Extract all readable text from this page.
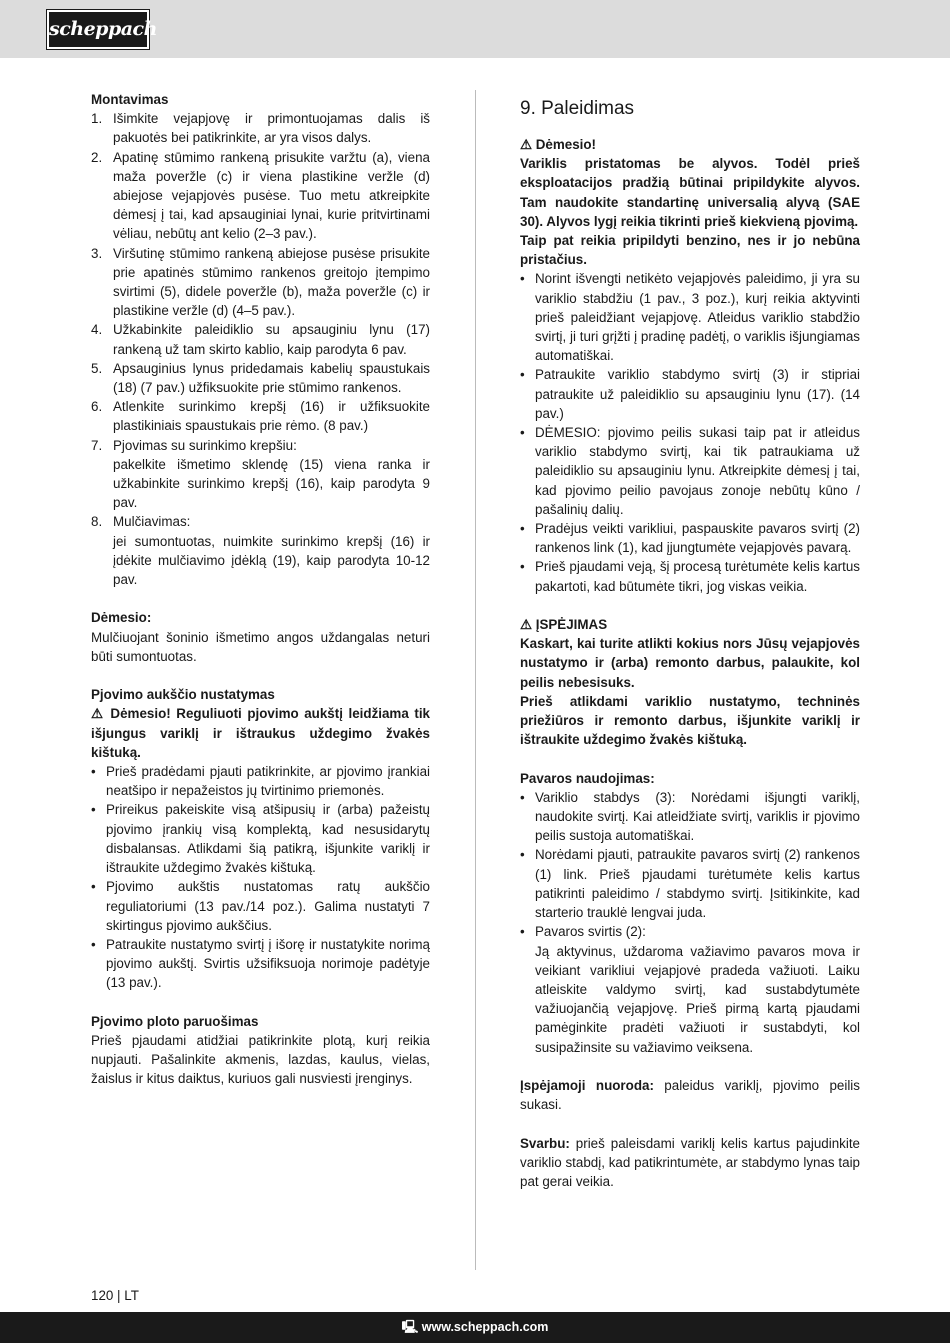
scheppach

Montavimas

1. Išimkite vejapjovę ir primontuojamas dalis iš pakuotės bei patikrinkite, ar yra visos dalys.
2. Apatinę stūmimo rankeną prisukite varžtu (a), viena maža poveržle (c) ir viena plastikine veržle (d) abiejose vejapjovės pusėse. Tuo metu atkreipkite dėmesį į tai, kad apsauginiai lynai, kurie pritvirtinami vėliau, nebūtų ant kelio (2–3 pav.).
3. Viršutinę stūmimo rankeną abiejose pusėse prisukite prie apatinės stūmimo rankenos greitojo įtempimo svirtimi (5), didele poveržle (b), maža poveržle (c) ir plastikine veržle (d) (4–5 pav.).
4. Užkabinkite paleidiklio su apsauginiu lynu (17) rankeną už tam skirto kablio, kaip parodyta 6 pav.
5. Apsauginius lynus pridedamais kabelių spaustukais (18) (7 pav.) užfiksuokite prie stūmimo rankenos.
6. Atlenkite surinkimo krepšį (16) ir užfiksuokite plastikiniais spaustukais prie rėmo. (8 pav.)
7. Pjovimas su surinkimo krepšiu:
pakelkite išmetimo sklendę (15) viena ranka ir užkabinkite surinkimo krepšį (16), kaip parodyta 9 pav.
8. Mulčiavimas:
jei sumontuotas, nuimkite surinkimo krepšį (16) ir įdėkite mulčiavimo įdėklą (19), kaip parodyta 10-12 pav.

Dėmesio:

Mulčiuojant šoninio išmetimo angos uždangalas neturi būti sumontuotas.

Pjovimo aukščio nustatymas

⚠ Dėmesio! Reguliuoti pjovimo aukštį leidžiama tik išjungus variklį ir ištraukus uždegimo žvakės kištuką.

• Prieš pradėdami pjauti patikrinkite, ar pjovimo įrankiai neatšipo ir nepažeistos jų tvirtinimo priemonės.
• Prireikus pakeiskite visą atšipusių ir (arba) pažeistų pjovimo įrankių visą komplektą, kad nesusidarytų disbalansas. Atlikdami šią patikrą, išjunkite variklį ir ištraukite uždegimo žvakės kištuką.
• Pjovimo aukštis nustatomas ratų aukščio reguliatoriumi (13 pav./14 poz.). Galima nustatyti 7 skirtingus pjovimo aukščius.
• Patraukite nustatymo svirtį į išorę ir nustatykite norimą pjovimo aukštį. Svirtis užsifiksuoja norimoje padėtyje (13 pav.).

Pjovimo ploto paruošimas

Prieš pjaudami atidžiai patikrinkite plotą, kurį reikia nupjauti. Pašalinkite akmenis, lazdas, kaulus, vielas, žaislus ir kitus daiktus, kuriuos gali nusviesti įrenginys.

9. Paleidimas

⚠ Dėmesio!

Variklis pristatomas be alyvos. Todėl prieš eksploatacijos pradžią būtinai pripildykite alyvos. Tam naudokite standartinę universalią alyvą (SAE 30). Alyvos lygį reikia tikrinti prieš kiekvieną pjovimą.

Taip pat reikia pripildyti benzino, nes ir jo nebūna pristačius.

• Norint išvengti netikėto vejapjovės paleidimo, ji yra su variklio stabdžiu (1 pav., 3 poz.), kurį reikia aktyvinti prieš paleidžiant vejapjovę. Atleidus variklio stabdžio svirtį, ji turi grįžti į pradinę padėtį, o variklis išjungiamas automatiškai.
• Patraukite variklio stabdymo svirtį (3) ir stipriai patraukite už paleidiklio su apsauginiu lynu (17). (14 pav.)
• DĖMESIO: pjovimo peilis sukasi taip pat ir atleidus variklio stabdymo svirtį, kai tik patraukiama už paleidiklio su apsauginiu lynu. Atkreipkite dėmesį į tai, kad pjovimo peilio pavojaus zonoje nebūtų kūno / pašalinių dalių.
• Pradėjus veikti varikliui, paspauskite pavaros svirtį (2) rankenos link (1), kad įjungtumėte vejapjovės pavarą.
• Prieš pjaudami veją, šį procesą turėtumėte kelis kartus pakartoti, kad būtumėte tikri, jog viskas veikia.

⚠ ĮSPĖJIMAS

Kaskart, kai turite atlikti kokius nors Jūsų vejapjovės nustatymo ir (arba) remonto darbus, palaukite, kol peilis nebesisuks.

Prieš atlikdami variklio nustatymo, techninės priežiūros ir remonto darbus, išjunkite variklį ir ištraukite uždegimo žvakės kištuką.

Pavaros naudojimas:

• Variklio stabdys (3): Norėdami išjungti variklį, naudokite svirtį. Kai atleidžiate svirtį, variklis ir pjovimo peilis sustoja automatiškai.
• Norėdami pjauti, patraukite pavaros svirtį (2) rankenos (1) link. Prieš pjaudami turėtumėte kelis kartus patikrinti paleidimo / stabdymo svirtį. Įsitikinkite, kad starterio trauklė lengvai juda.
• Pavaros svirtis (2):
Ją aktyvinus, uždaroma važiavimo pavaros mova ir veikiant varikliui vejapjovė pradeda važiuoti. Laiku atleiskite valdymo svirtį, kad sustabdytumėte važiuojančią vejapjovę. Prieš pirmą kartą pjaudami pamėginkite pradėti važiuoti ir sustabdyti, kol susipažinsite su važiavimo veiksena.

Įspėjamoji nuoroda: paleidus variklį, pjovimo peilis sukasi.

Svarbu: prieš paleisdami variklį kelis kartus pajudinkite variklio stabdį, kad patikrintumėte, ar stabdymo lynas taip pat gerai veikia.

120 | LT
🖳 www.scheppach.com
